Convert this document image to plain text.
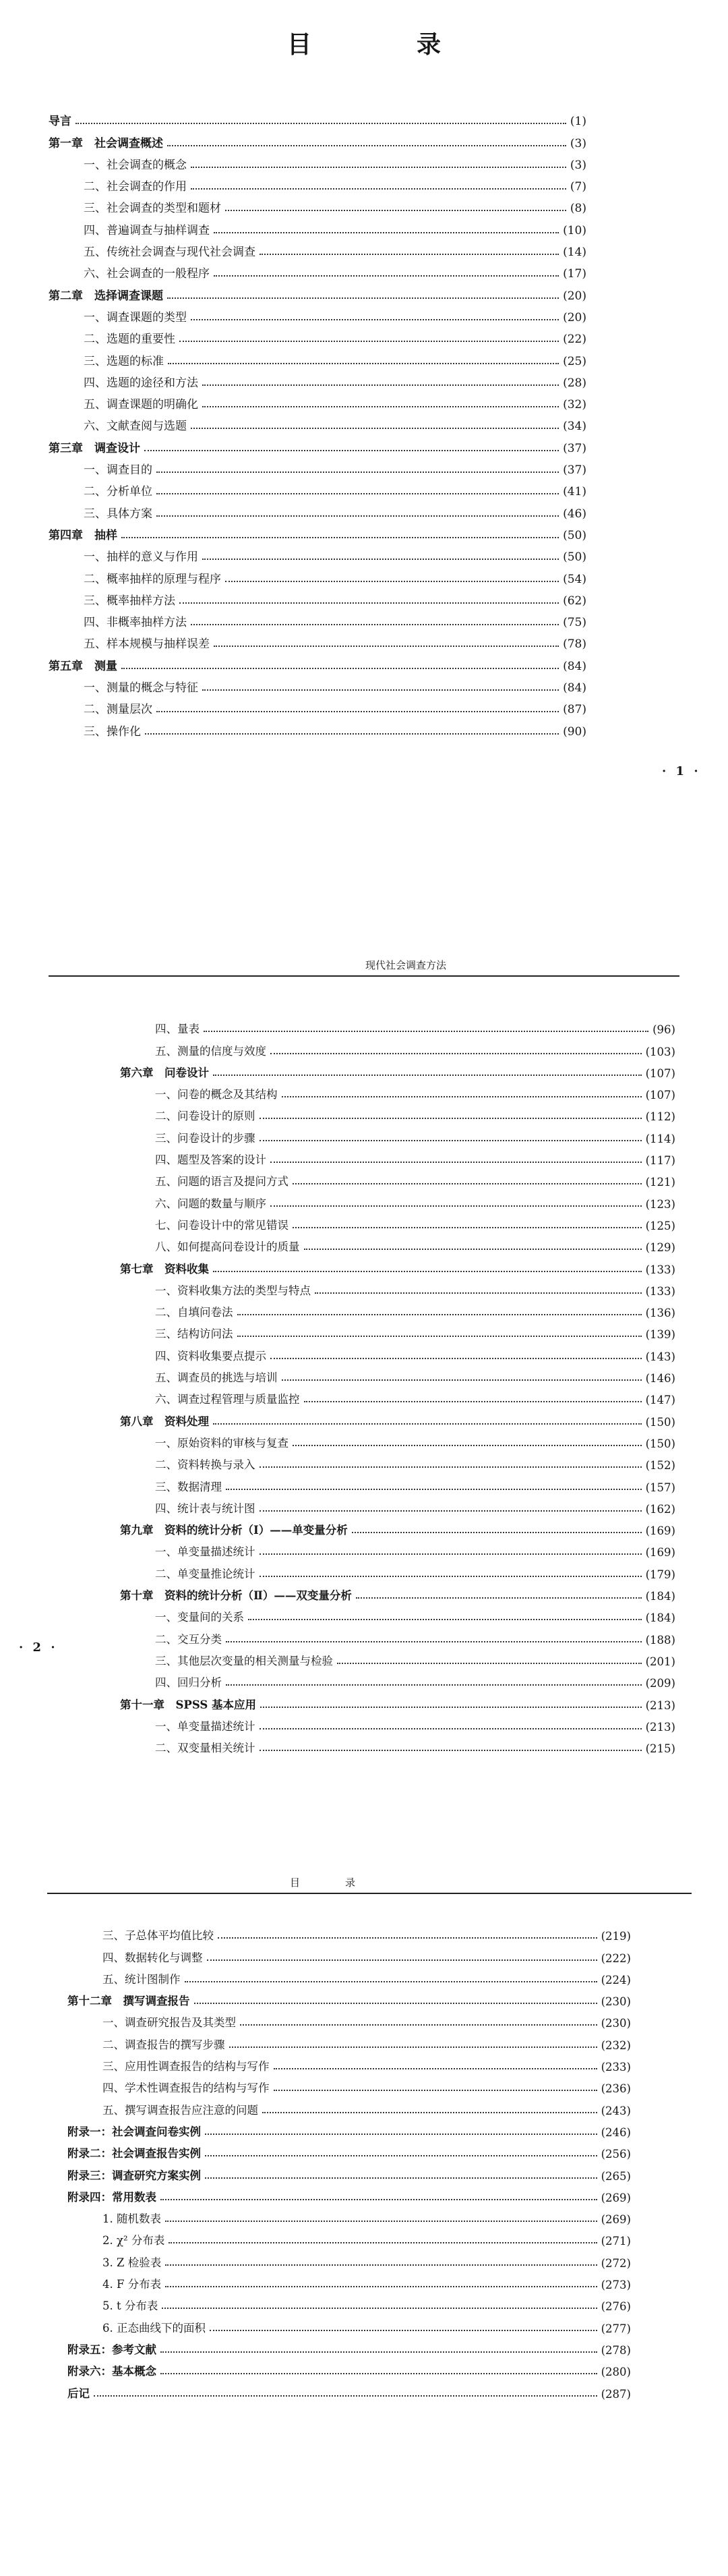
目　录
导言	(1)
第一章　社会调查概述	(3)
一、社会调查的概念	(3)
二、社会调查的作用	(7)
三、社会调查的类型和题材	(8)
四、普遍调查与抽样调查	(10)
五、传统社会调查与现代社会调查	(14)
六、社会调查的一般程序	(17)
第二章　选择调查课题	(20)
一、调查课题的类型	(20)
二、选题的重要性	(22)
三、选题的标准	(25)
四、选题的途径和方法	(28)
五、调查课题的明确化	(32)
六、文献查阅与选题	(34)
第三章　调查设计	(37)
一、调查目的	(37)
二、分析单位	(41)
三、具体方案	(46)
第四章　抽样	(50)
一、抽样的意义与作用	(50)
二、概率抽样的原理与程序	(54)
三、概率抽样方法	(62)
四、非概率抽样方法	(75)
五、样本规模与抽样误差	(78)
第五章　测量	(84)
一、测量的概念与特征	(84)
二、测量层次	(87)
三、操作化	(90)
· 1 ·
现代社会调查方法
四、量表	(96)
五、测量的信度与效度	(103)
第六章　问卷设计	(107)
一、问卷的概念及其结构	(107)
二、问卷设计的原则	(112)
三、问卷设计的步骤	(114)
四、题型及答案的设计	(117)
五、问题的语言及提问方式	(121)
六、问题的数量与顺序	(123)
七、问卷设计中的常见错误	(125)
八、如何提高问卷设计的质量	(129)
第七章　资料收集	(133)
一、资料收集方法的类型与特点	(133)
二、自填问卷法	(136)
三、结构访问法	(139)
四、资料收集要点提示	(143)
五、调查员的挑选与培训	(146)
六、调查过程管理与质量监控	(147)
第八章　资料处理	(150)
一、原始资料的审核与复查	(150)
二、资料转换与录入	(152)
三、数据清理	(157)
四、统计表与统计图	(162)
第九章　资料的统计分析（Ⅰ）——单变量分析	(169)
一、单变量描述统计	(169)
二、单变量推论统计	(179)
第十章　资料的统计分析（Ⅱ）——双变量分析	(184)
一、变量间的关系	(184)
二、交互分类	(188)
三、其他层次变量的相关测量与检验	(201)
四、回归分析	(209)
第十一章　SPSS 基本应用	(213)
一、单变量描述统计	(213)
二、双变量相关统计	(215)
· 2 ·
目　录
三、子总体平均值比较	(219)
四、数据转化与调整	(222)
五、统计图制作	(224)
第十二章　撰写调查报告	(230)
一、调查研究报告及其类型	(230)
二、调查报告的撰写步骤	(232)
三、应用性调查报告的结构与写作	(233)
四、学术性调查报告的结构与写作	(236)
五、撰写调查报告应注意的问题	(243)
附录一：社会调查问卷实例	(246)
附录二：社会调查报告实例	(256)
附录三：调查研究方案实例	(265)
附录四：常用数表	(269)
1. 随机数表	(269)
2. χ² 分布表	(271)
3. Z 检验表	(272)
4. F 分布表	(273)
5. t 分布表	(276)
6. 正态曲线下的面积	(277)
附录五：参考文献	(278)
附录六：基本概念	(280)
后记	(287)
